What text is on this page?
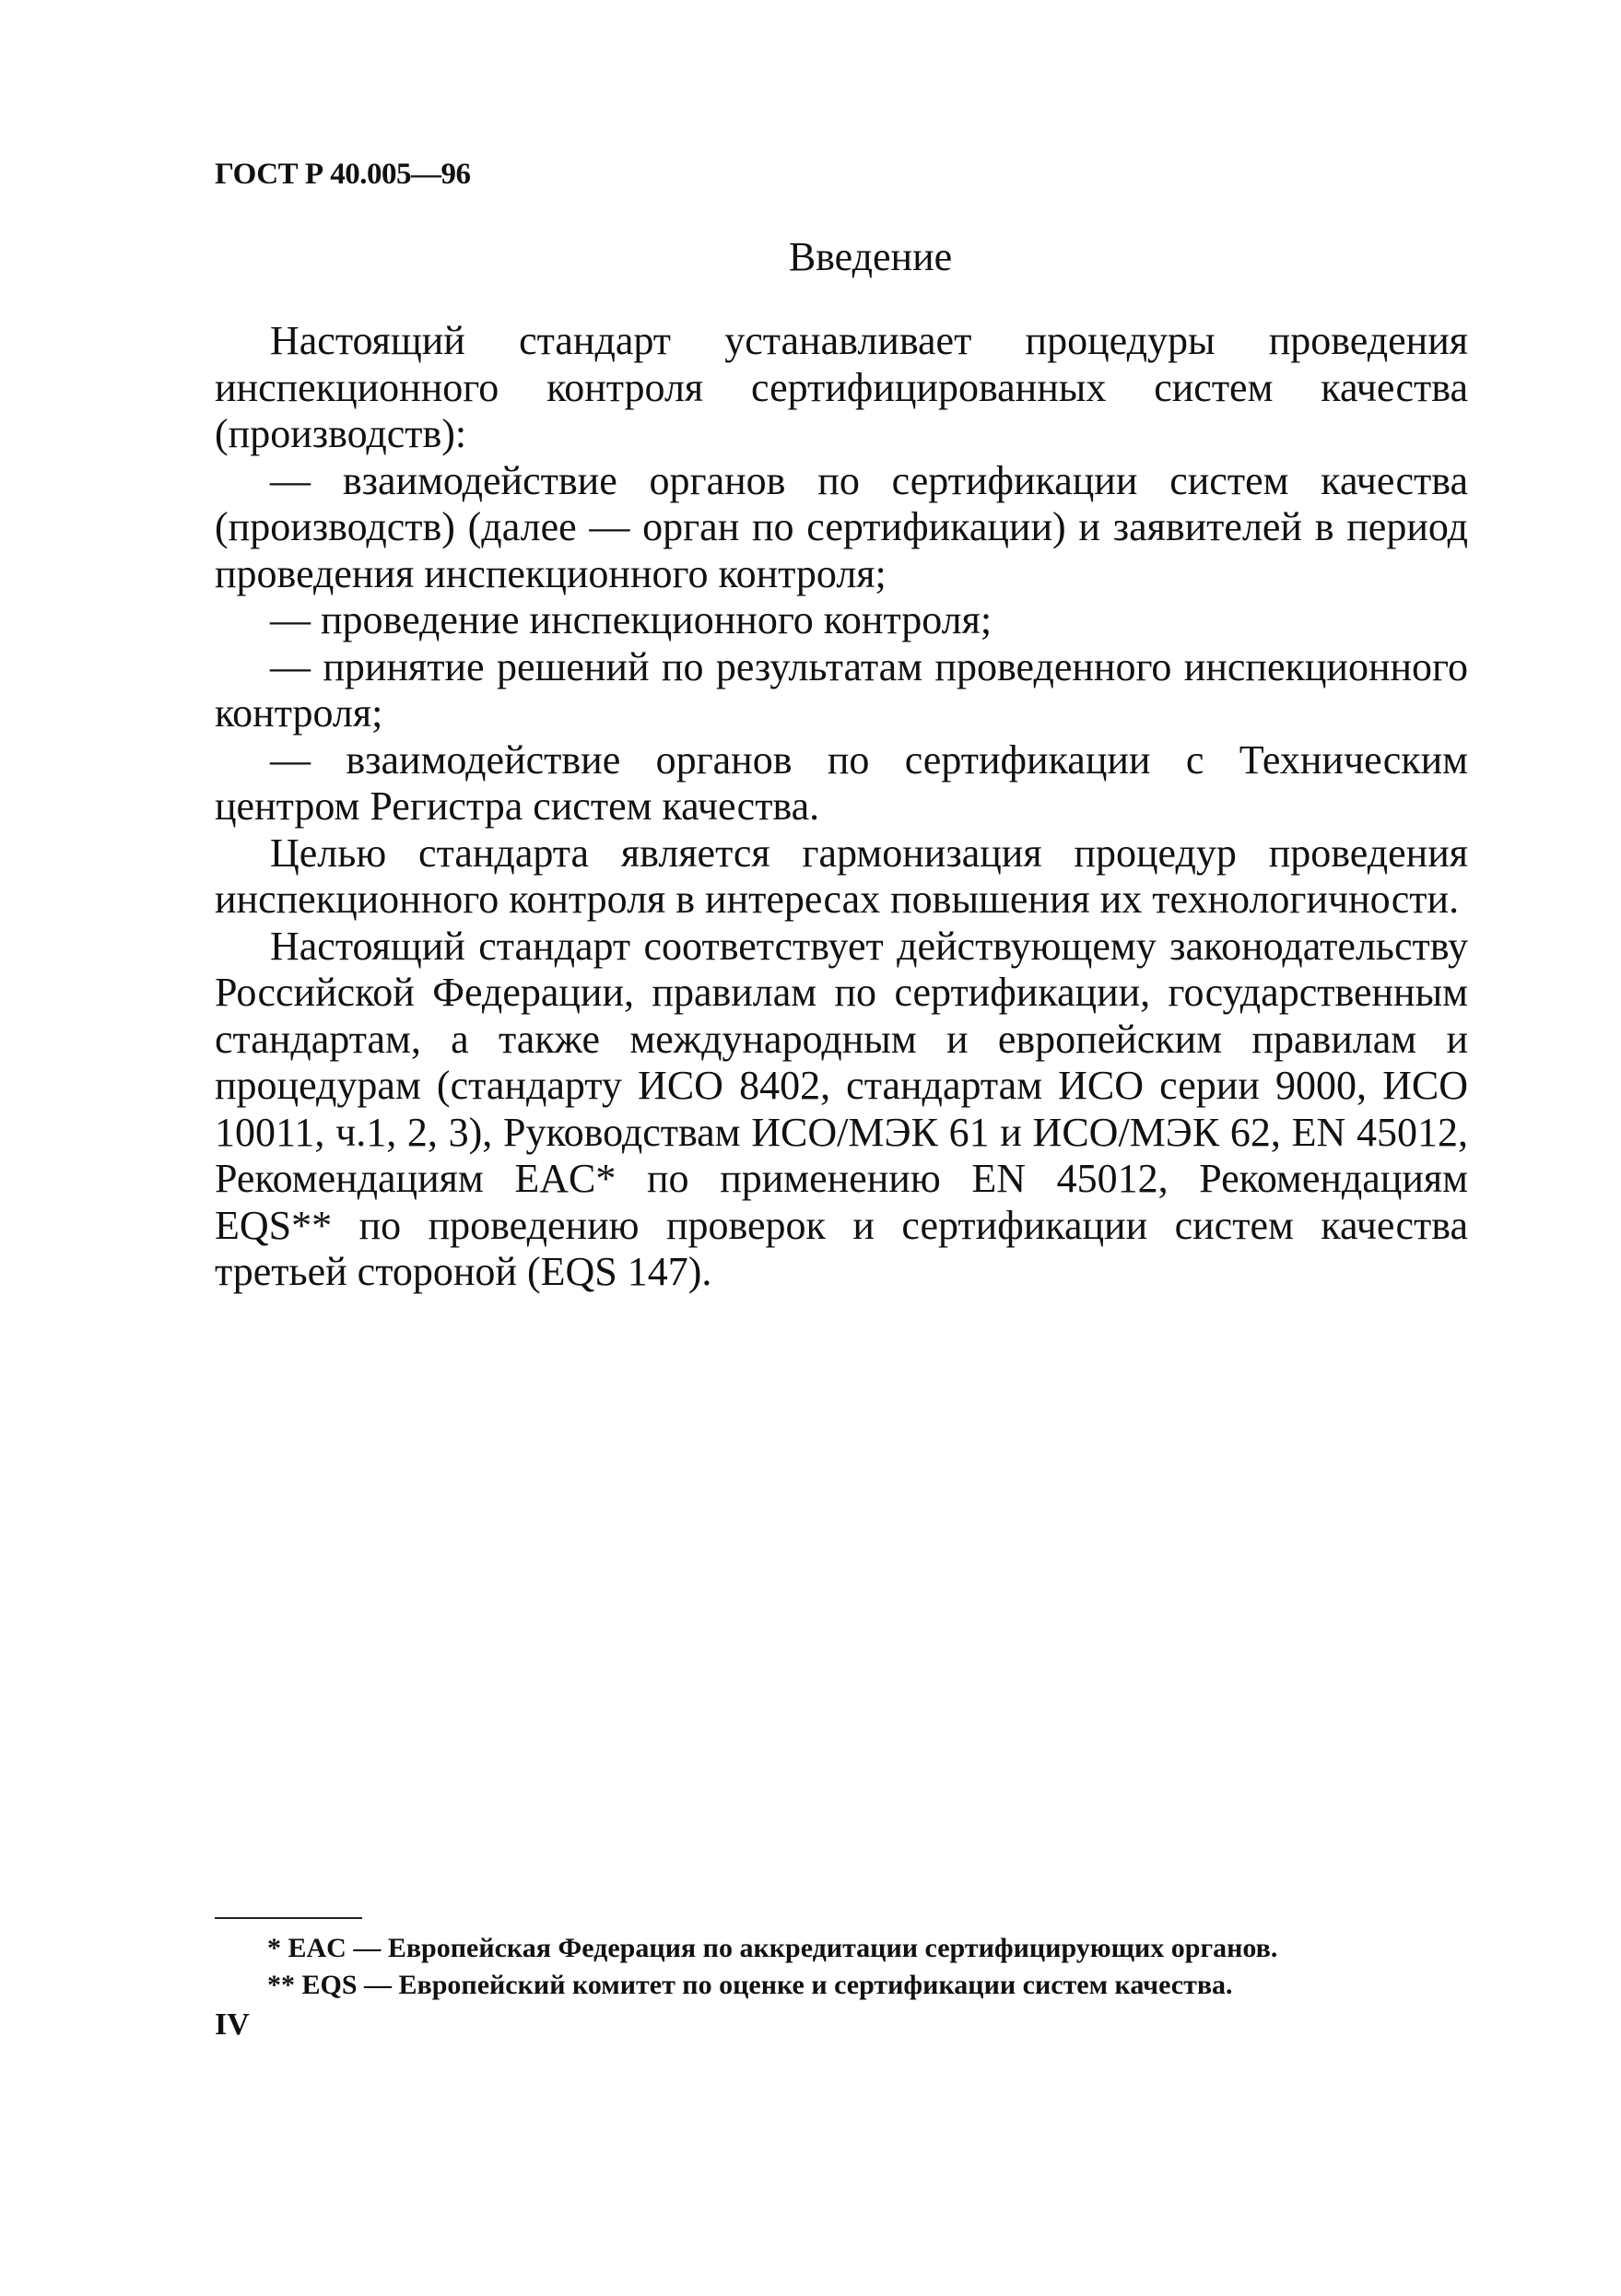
ГОСТ Р 40.005—96
Введение

Настоящий стандарт устанавливает процедуры проведения инспекционного контроля сертифицированных систем качества (производств):

— взаимодействие органов по сертификации систем качества (производств) (далее — орган по сертификации) и заявителей в период проведения инспекционного контроля;

— проведение инспекционного контроля;

— принятие решений по результатам проведенного инспекционного контроля;

— взаимодействие органов по сертификации с Техническим центром Регистра систем качества.

Целью стандарта является гармонизация процедур проведения инспекционного контроля в интересах повышения их технологичности.

Настоящий стандарт соответствует действующему законодательству Российской Федерации, правилам по сертификации, государственным стандартам, а также международным и европейским правилам и процедурам (стандарту ИСО 8402, стандартам ИСО серии 9000, ИСО 10011, ч.1, 2, 3), Руководствам ИСО/МЭК 61 и ИСО/МЭК 62, EN 45012, Рекомендациям EAC* по применению EN 45012, Рекомендациям EQS** по проведению проверок и сертификации систем качества третьей стороной (EQS 147).

* EAC — Европейская Федерация по аккредитации сертифицирующих органов.
** EQS — Европейский комитет по оценке и сертификации систем качества.
IV
